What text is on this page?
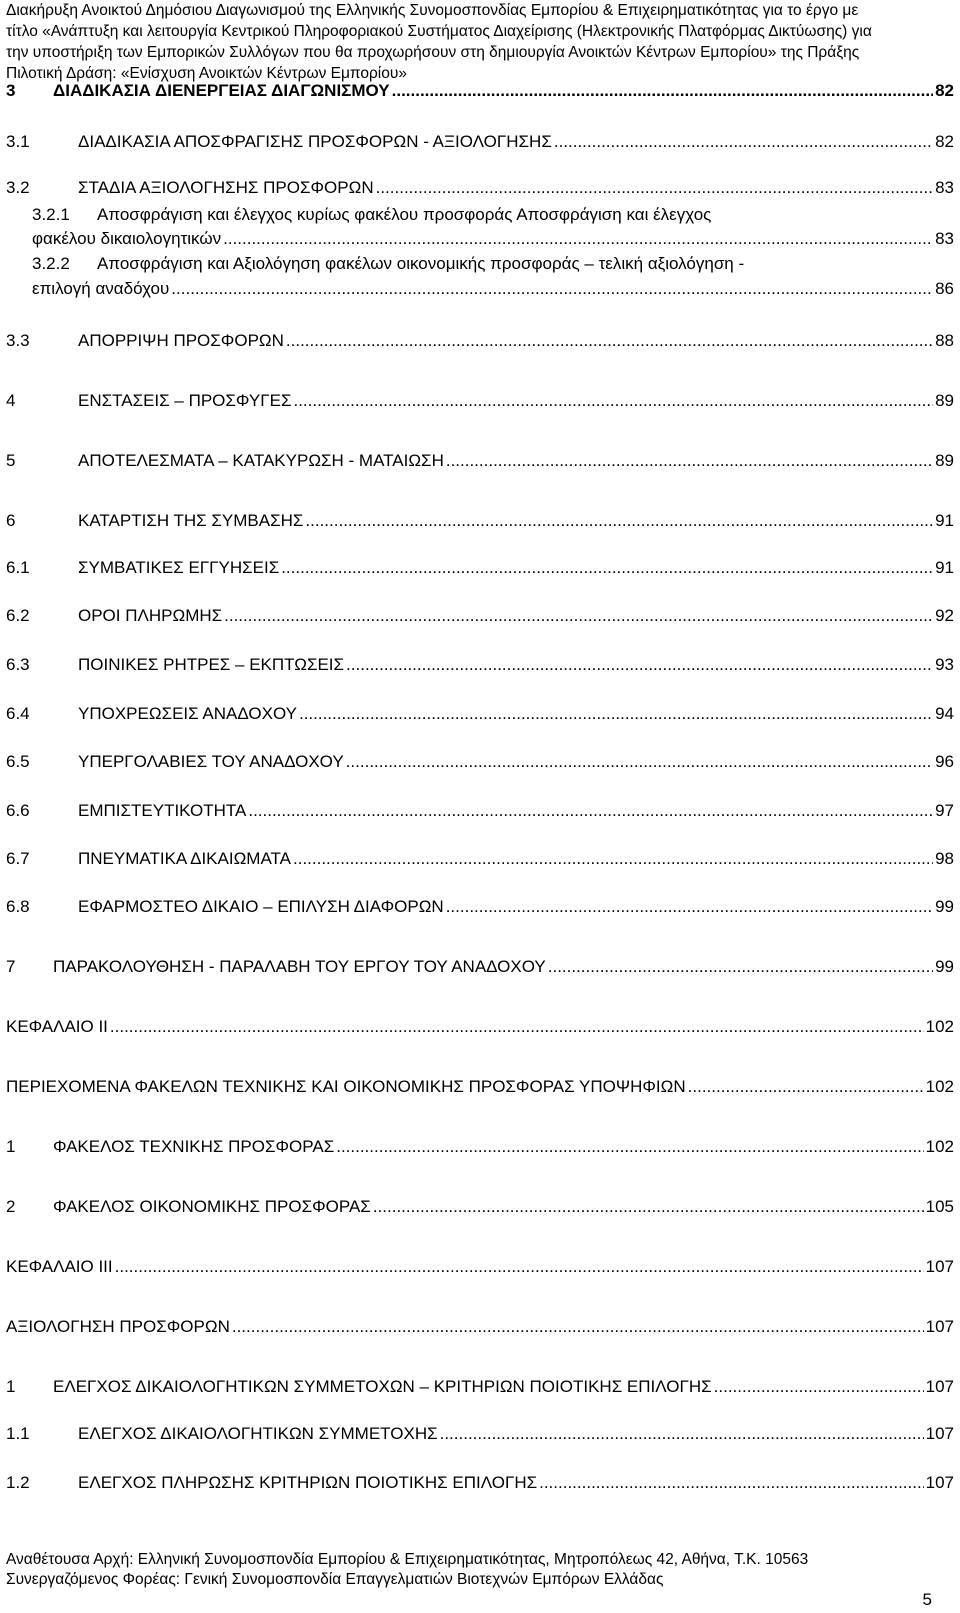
Διακήρυξη Ανοικτού Δημόσιου Διαγωνισμού της Ελληνικής Συνομοσπονδίας Εμπορίου & Επιχειρηματικότητας για το έργο με
τίτλο «Ανάπτυξη και λειτουργία Κεντρικού Πληροφοριακού Συστήματος Διαχείρισης (Ηλεκτρονικής Πλατφόρμας Δικτύωσης) για
την υποστήριξη των Εμπορικών Συλλόγων που θα προχωρήσουν στη δημιουργία Ανοικτών Κέντρων Εμπορίου» της Πράξης
Πιλοτική Δράση: «Ενίσχυση Ανοικτών Κέντρων Εμπορίου»
3	ΔΙΑΔΙΚΑΣΙΑ ΔΙΕΝΕΡΓΕΙΑΣ ΔΙΑΓΩΝΙΣΜΟΥ .....	82
3.1	ΔΙΑΔΙΚΑΣΙΑ ΑΠΟΣΦΡΑΓΙΣΗΣ ΠΡΟΣΦΟΡΩΝ - ΑΞΙΟΛΟΓΗΣΗΣ .....	82
3.2	ΣΤΑΔΙΑ ΑΞΙΟΛΟΓΗΣΗΣ ΠΡΟΣΦΟΡΩΝ .....	83
3.2.1 Αποσφράγιση και έλεγχος κυρίως φακέλου προσφοράς Αποσφράγιση και έλεγχος
φακέλου δικαιολογητικών .....	83
3.2.2 Αποσφράγιση και Αξιολόγηση φακέλων οικονομικής προσφοράς – τελική αξιολόγηση -
επιλογή αναδόχου .....	86
3.3	ΑΠΟΡΡΙΨΗ ΠΡΟΣΦΟΡΩΝ .....	88
4	ΕΝΣΤΑΣΕΙΣ – ΠΡΟΣΦΥΓΕΣ .....	89
5	ΑΠΟΤΕΛΕΣΜΑΤΑ – ΚΑΤΑΚΥΡΩΣΗ - ΜΑΤΑΙΩΣΗ .....	89
6	ΚΑΤΑΡΤΙΣΗ ΤΗΣ ΣΥΜΒΑΣΗΣ .....	91
6.1	ΣΥΜΒΑΤΙΚΕΣ ΕΓΓΥΗΣΕΙΣ .....	91
6.2	ΟΡΟΙ ΠΛΗΡΩΜΗΣ .....	92
6.3	ΠΟΙΝΙΚΕΣ ΡΗΤΡΕΣ – ΕΚΠΤΩΣΕΙΣ .....	93
6.4	ΥΠΟΧΡΕΩΣΕΙΣ ΑΝΑΔΟΧΟΥ .....	94
6.5	ΥΠΕΡΓΟΛΑΒΙΕΣ ΤΟΥ ΑΝΑΔΟΧΟΥ .....	96
6.6	ΕΜΠΙΣΤΕΥΤΙΚΟΤΗΤΑ .....	97
6.7	ΠΝΕΥΜΑΤΙΚΑ ΔΙΚΑΙΩΜΑΤΑ .....	98
6.8	ΕΦΑΡΜΟΣΤΕΟ ΔΙΚΑΙΟ – ΕΠΙΛΥΣΗ ΔΙΑΦΟΡΩΝ .....	99
7	ΠΑΡΑΚΟΛΟΥΘΗΣΗ - ΠΑΡΑΛΑΒΗ ΤΟΥ ΕΡΓΟΥ ΤΟΥ ΑΝΑΔΟΧΟΥ .....	99
ΚΕΦΑΛΑΙΟ ΙΙ .....	102
ΠΕΡΙΕΧΟΜΕΝΑ ΦΑΚΕΛΩΝ ΤΕΧΝΙΚΗΣ ΚΑΙ ΟΙΚΟΝΟΜΙΚΗΣ ΠΡΟΣΦΟΡΑΣ ΥΠΟΨΗΦΙΩΝ .....	102
1	ΦΑΚΕΛΟΣ ΤΕΧΝΙΚΗΣ ΠΡΟΣΦΟΡΑΣ .....	102
2	ΦΑΚΕΛΟΣ ΟΙΚΟΝΟΜΙΚΗΣ ΠΡΟΣΦΟΡΑΣ .....	105
ΚΕΦΑΛΑΙΟ ΙΙΙ .....	107
ΑΞΙΟΛΟΓΗΣΗ ΠΡΟΣΦΟΡΩΝ .....	107
1	ΕΛΕΓΧΟΣ ΔΙΚΑΙΟΛΟΓΗΤΙΚΩΝ ΣΥΜΜΕΤΟΧΩΝ – ΚΡΙΤΗΡΙΩΝ ΠΟΙΟΤΙΚΗΣ ΕΠΙΛΟΓΗΣ .....	107
1.1	ΕΛΕΓΧΟΣ ΔΙΚΑΙΟΛΟΓΗΤΙΚΩΝ ΣΥΜΜΕΤΟΧΗΣ .....	107
1.2	ΕΛΕΓΧΟΣ ΠΛΗΡΩΣΗΣ ΚΡΙΤΗΡΙΩΝ ΠΟΙΟΤΙΚΗΣ ΕΠΙΛΟΓΗΣ .....	107
Αναθέτουσα Αρχή: Ελληνική Συνομοσπονδία Εμπορίου & Επιχειρηματικότητας, Μητροπόλεως 42, Αθήνα, Τ.Κ. 10563
Συνεργαζόμενος Φορέας: Γενική Συνομοσπονδία Επαγγελματιών Βιοτεχνών Εμπόρων Ελλάδας
5
